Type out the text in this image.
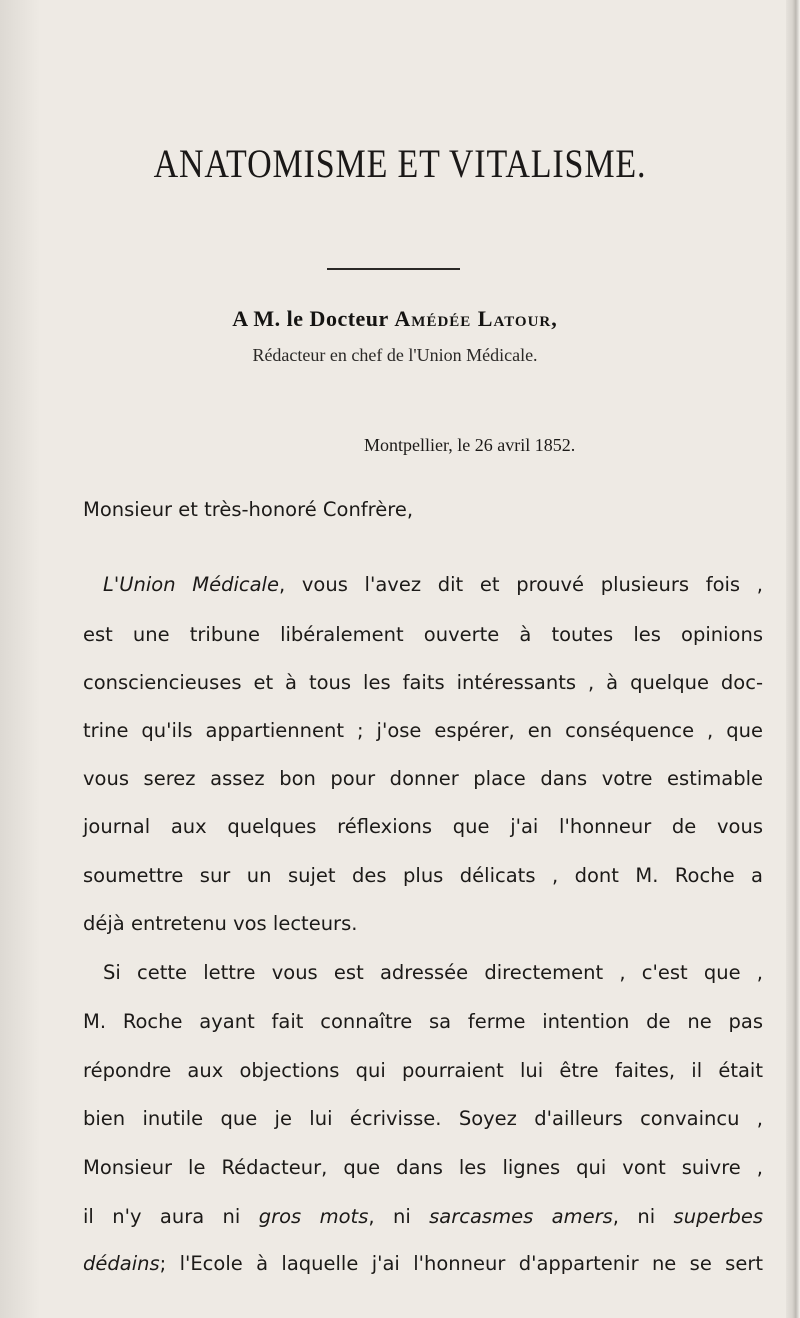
ANATOMISME ET VITALISME.
A M. le Docteur Amédée Latour,
Rédacteur en chef de l'Union Médicale.
Montpellier, le 26 avril 1852.
Monsieur et très-honoré Confrère,
L'Union Médicale, vous l'avez dit et prouvé plusieurs fois ,
est une tribune libéralement ouverte à toutes les opinions
consciencieuses et à tous les faits intéressants , à quelque doc-
trine qu'ils appartiennent ; j'ose espérer, en conséquence , que
vous serez assez bon pour donner place dans votre estimable
journal aux quelques réflexions que j'ai l'honneur de vous
soumettre sur un sujet des plus délicats , dont M. Roche a
déjà entretenu vos lecteurs.
Si cette lettre vous est adressée directement , c'est que ,
M. Roche ayant fait connaître sa ferme intention de ne pas
répondre aux objections qui pourraient lui être faites, il était
bien inutile que je lui écrivisse. Soyez d'ailleurs convaincu ,
Monsieur le Rédacteur, que dans les lignes qui vont suivre ,
il n'y aura ni gros mots, ni sarcasmes amers, ni superbes
dédains; l'Ecole à laquelle j'ai l'honneur d'appartenir ne se sert
